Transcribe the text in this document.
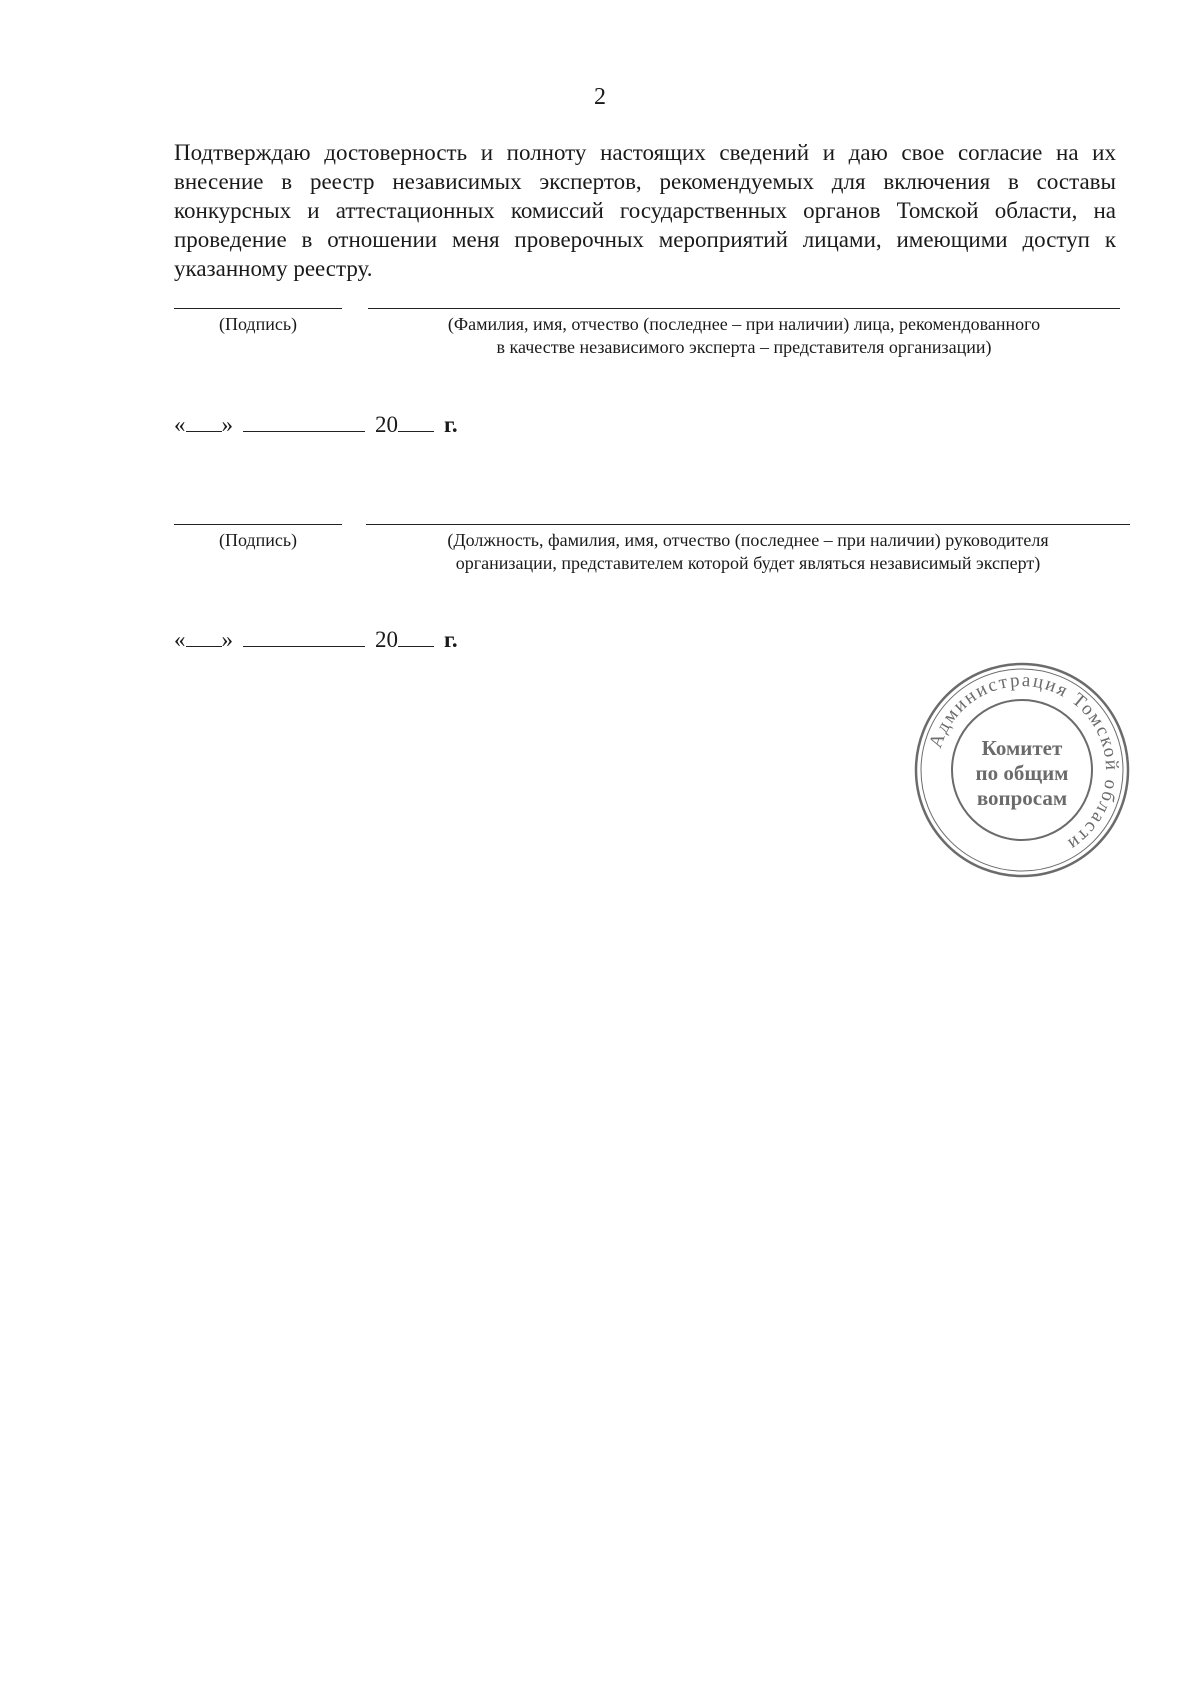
2

Подтверждаю достоверность и полноту настоящих сведений и даю свое согласие на их внесение в реестр независимых экспертов, рекомендуемых для включения в составы конкурсных и аттестационных комиссий государственных органов Томской области, на проведение в отношении меня проверочных мероприятий лицами, имеющими доступ к указанному реестру.

(Подпись)	(Фамилия, имя, отчество (последнее – при наличии) лица, рекомендованного
в качестве независимого эксперта – представителя организации)
« »	20 г.

(Подпись)	(Должность, фамилия, имя, отчество (последнее – при наличии) руководителя
организации, представителем которой будет являться независимый эксперт)
« »	20 г.
Администрация Томской области
Комитет
по общим
вопросам
